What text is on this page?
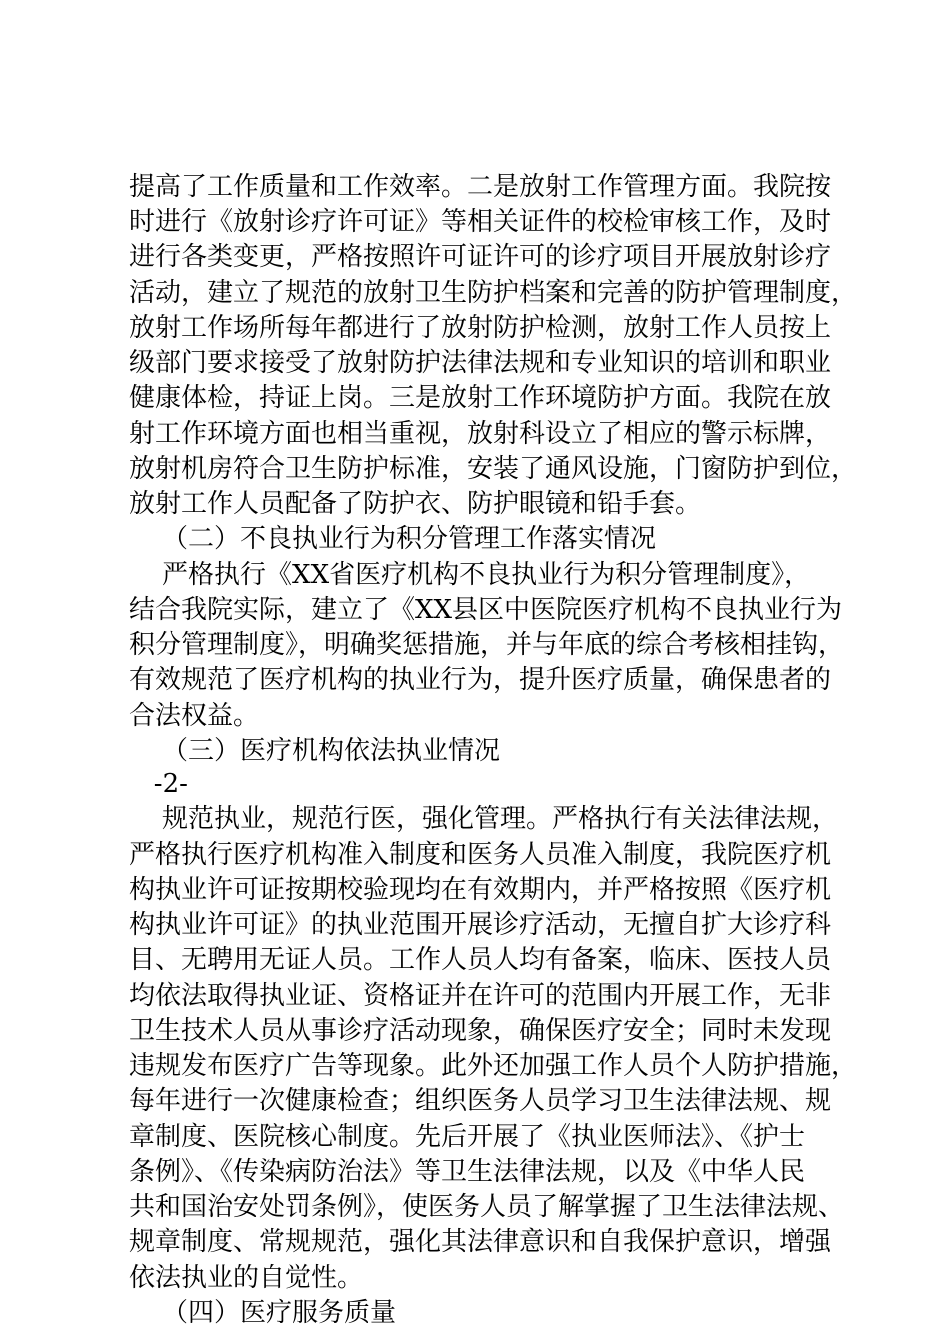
提高了工作质量和工作效率。二是放射工作管理方面。我院按
时进行《放射诊疗许可证》等相关证件的校检审核工作，及时
进行各类变更，严格按照许可证许可的诊疗项目开展放射诊疗
活动，建立了规范的放射卫生防护档案和完善的防护管理制度，
放射工作场所每年都进行了放射防护检测，放射工作人员按上
级部门要求接受了放射防护法律法规和专业知识的培训和职业
健康体检，持证上岗。三是放射工作环境防护方面。我院在放
射工作环境方面也相当重视，放射科设立了相应的警示标牌，
放射机房符合卫生防护标准，安装了通风设施，门窗防护到位，
放射工作人员配备了防护衣、防护眼镜和铅手套。
（二）不良执业行为积分管理工作落实情况
严格执行《XX省医疗机构不良执业行为积分管理制度》，
结合我院实际，建立了《XX县区中医院医疗机构不良执业行为
积分管理制度》，明确奖惩措施，并与年底的综合考核相挂钩，
有效规范了医疗机构的执业行为，提升医疗质量，确保患者的
合法权益。
（三）医疗机构依法执业情况
-2-
规范执业，规范行医，强化管理。严格执行有关法律法规，
严格执行医疗机构准入制度和医务人员准入制度，我院医疗机
构执业许可证按期校验现均在有效期内，并严格按照《医疗机
构执业许可证》的执业范围开展诊疗活动，无擅自扩大诊疗科
目、无聘用无证人员。工作人员人均有备案，临床、医技人员
均依法取得执业证、资格证并在许可的范围内开展工作，无非
卫生技术人员从事诊疗活动现象，确保医疗安全；同时未发现
违规发布医疗广告等现象。此外还加强工作人员个人防护措施，
每年进行一次健康检查；组织医务人员学习卫生法律法规、规
章制度、医院核心制度。先后开展了《执业医师法》、《护士
条例》、《传染病防治法》等卫生法律法规，以及《中华人民
共和国治安处罚条例》，使医务人员了解掌握了卫生法律法规、
规章制度、常规规范，强化其法律意识和自我保护意识，增强
依法执业的自觉性。
（四）医疗服务质量
